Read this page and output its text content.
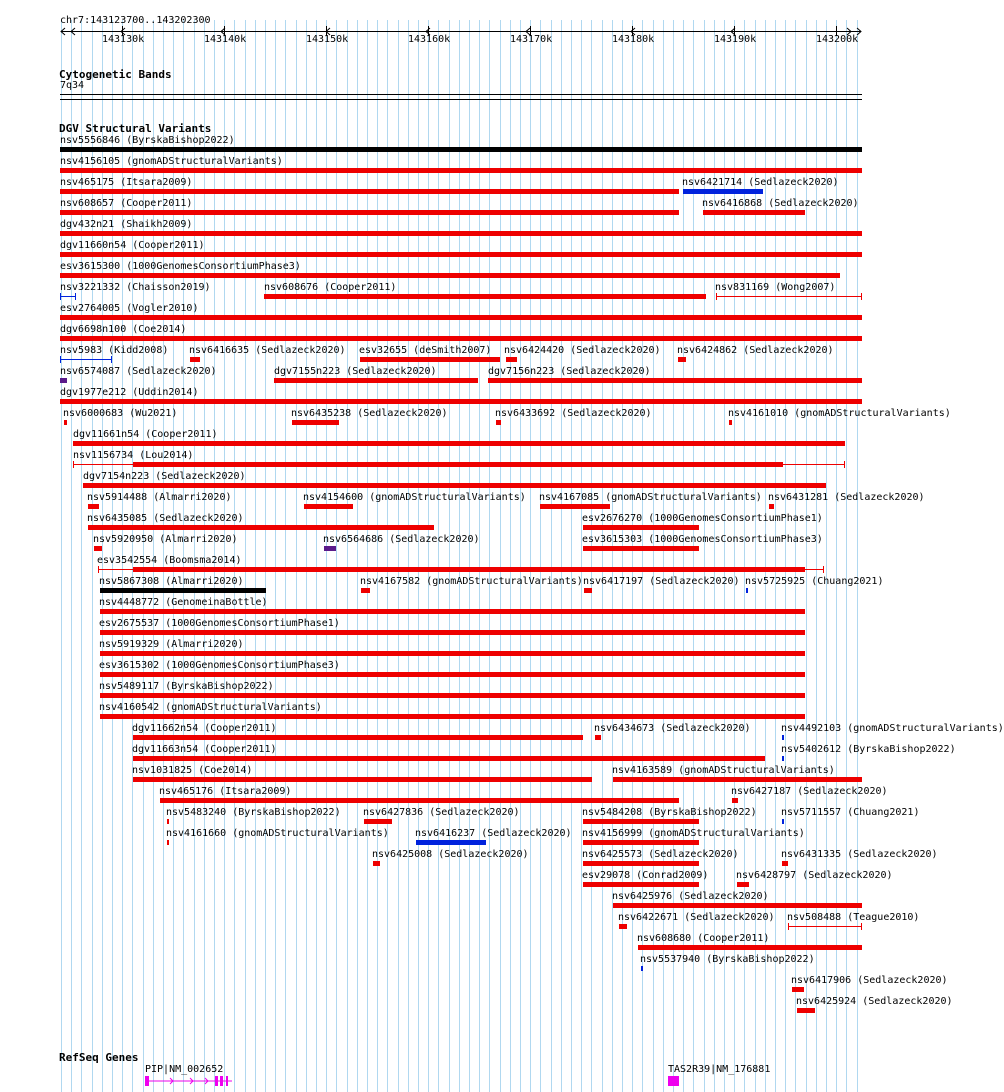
chr7:143123700..143202300
143130k	143140k	143150k	143160k	143170k	143180k	143190k	143200k
Cytogenetic Bands
7q34
DGV Structural Variants
nsv5556846 (ByrskaBishop2022)
nsv4156105 (gnomADStructuralVariants)
nsv465175 (Itsara2009)	nsv6421714 (Sedlazeck2020)
nsv608657 (Cooper2011)	nsv6416868 (Sedlazeck2020)
dgv432n21 (Shaikh2009)
dgv11660n54 (Cooper2011)
esv3615300 (1000GenomesConsortiumPhase3)
nsv3221332 (Chaisson2019)	nsv608676 (Cooper2011)	nsv831169 (Wong2007)
esv2764005 (Vogler2010)
dgv6698n100 (Coe2014)
nsv5983 (Kidd2008) nsv6416635 (Sedlazeck2020) esv32655 (deSmith2007) nsv6424420 (Sedlazeck2020) nsv6424862 (Sedlazeck2020)
nsv6574087 (Sedlazeck2020)	dgv7155n223 (Sedlazeck2020)	dgv7156n223 (Sedlazeck2020)
dgv1977e212 (Uddin2014)
nsv6000683 (Wu2021)	nsv6435238 (Sedlazeck2020)	nsv6433692 (Sedlazeck2020)	nsv4161010 (gnomADStructuralVariants)
dgv11661n54 (Cooper2011)
nsv1156734 (Lou2014)
dgv7154n223 (Sedlazeck2020)
nsv5914488 (Almarri2020)	nsv4154600 (gnomADStructuralVariants) nsv4167085 (gnomADStructuralVariants) nsv6431281 (Sedlazeck2020)
nsv6435085 (Sedlazeck2020)	esv2676270 (1000GenomesConsortiumPhase1)
nsv5920950 (Almarri2020)	nsv6564686 (Sedlazeck2020)	esv3615303 (1000GenomesConsortiumPhase3)
esv3542554 (Boomsma2014)
nsv5867308 (Almarri2020)	nsv4167582 (gnomADStructuralVariants) nsv6417197 (Sedlazeck2020) nsv5725925 (Chuang2021)
nsv4448772 (GenomeinaBottle)
esv2675537 (1000GenomesConsortiumPhase1)
nsv5919329 (Almarri2020)
esv3615302 (1000GenomesConsortiumPhase3)
nsv5489117 (ByrskaBishop2022)
nsv4160542 (gnomADStructuralVariants)
dgv11662n54 (Cooper2011)	nsv6434673 (Sedlazeck2020)	nsv4492103 (gnomADStructuralVariants)
dgv11663n54 (Cooper2011)	nsv5402612 (ByrskaBishop2022)
nsv1031825 (Coe2014)	nsv4163589 (gnomADStructuralVariants)
nsv465176 (Itsara2009)	nsv6427187 (Sedlazeck2020)
nsv5483240 (ByrskaBishop2022) nsv6427836 (Sedlazeck2020)	nsv5484208 (ByrskaBishop2022) nsv5711557 (Chuang2021)
nsv4161660 (gnomADStructuralVariants)	nsv6416237 (Sedlazeck2020) nsv4156999 (gnomADStructuralVariants)
nsv6425008 (Sedlazeck2020)	nsv6425573 (Sedlazeck2020)	nsv6431335 (Sedlazeck2020)
esv29078 (Conrad2009)	nsv6428797 (Sedlazeck2020)
nsv6425976 (Sedlazeck2020)
nsv6422671 (Sedlazeck2020) nsv508488 (Teague2010)
nsv608680 (Cooper2011)
nsv5537940 (ByrskaBishop2022)
nsv6417906 (Sedlazeck2020)
nsv6425924 (Sedlazeck2020)
RefSeq Genes
PIP|NM_002652	TAS2R39|NM_176881
